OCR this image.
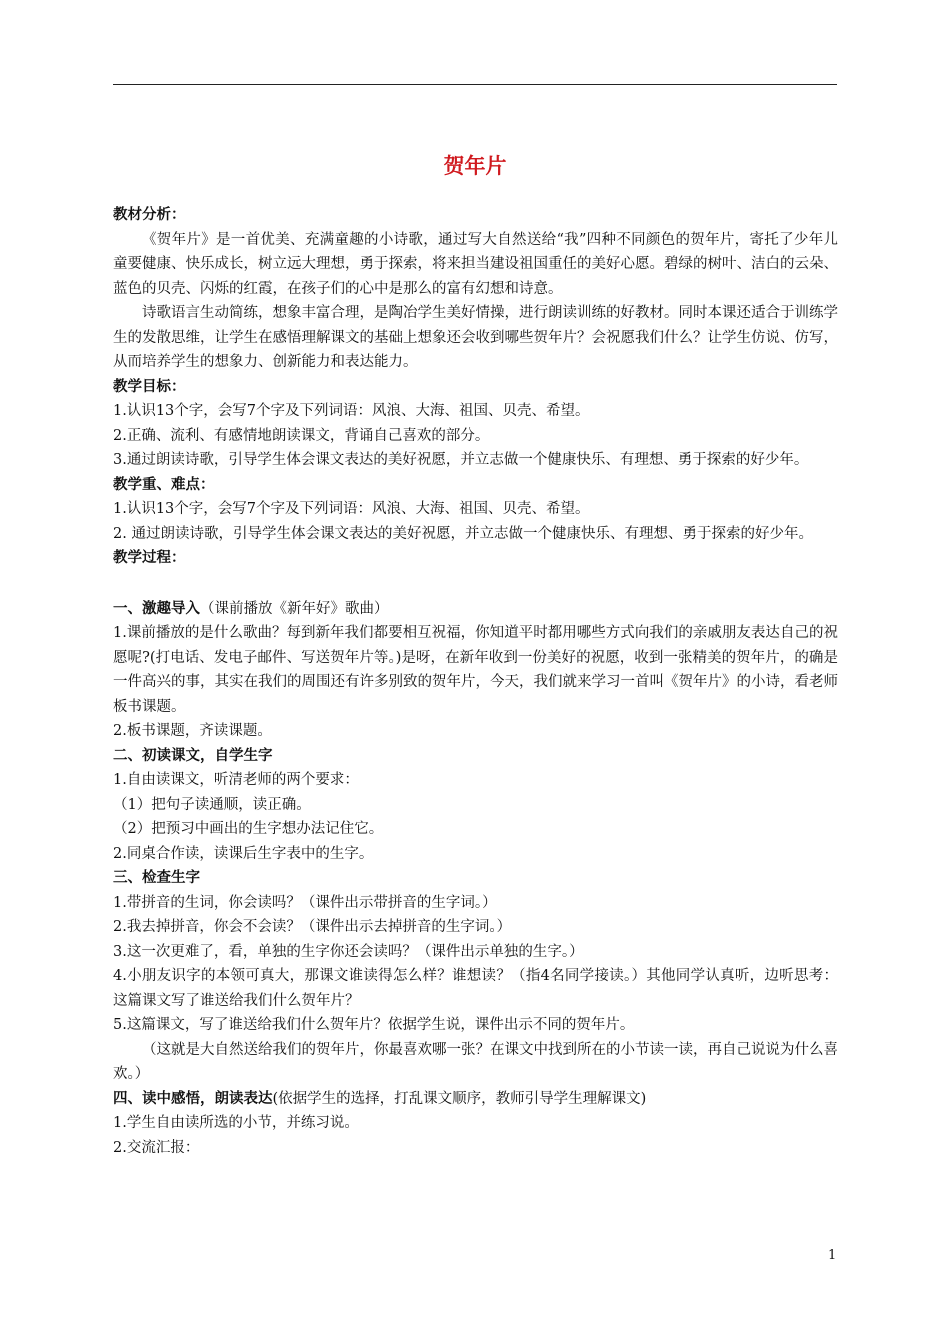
贺年片

教材分析：

《贺年片》是一首优美、充满童趣的小诗歌，通过写大自然送给“我”四种不同颜色的贺年片，寄托了少年儿童要健康、快乐成长，树立远大理想，勇于探索，将来担当建设祖国重任的美好心愿。碧绿的树叶、洁白的云朵、蓝色的贝壳、闪烁的红霞，在孩子们的心中是那么的富有幻想和诗意。

诗歌语言生动简练，想象丰富合理，是陶冶学生美好情操，进行朗读训练的好教材。同时本课还适合于训练学生的发散思维，让学生在感悟理解课文的基础上想象还会收到哪些贺年片？会祝愿我们什么？让学生仿说、仿写，从而培养学生的想象力、创新能力和表达能力。

教学目标：

1.认识13个字，会写7个字及下列词语：风浪、大海、祖国、贝壳、希望。

2.正确、流利、有感情地朗读课文，背诵自己喜欢的部分。

3.通过朗读诗歌，引导学生体会课文表达的美好祝愿，并立志做一个健康快乐、有理想、勇于探索的好少年。

教学重、难点：

1.认识13个字，会写7个字及下列词语：风浪、大海、祖国、贝壳、希望。

2. 通过朗读诗歌，引导学生体会课文表达的美好祝愿，并立志做一个健康快乐、有理想、勇于探索的好少年。

教学过程：

一、激趣导入（课前播放《新年好》歌曲）

1.课前播放的是什么歌曲？每到新年我们都要相互祝福，你知道平时都用哪些方式向我们的亲戚朋友表达自己的祝愿呢?(打电话、发电子邮件、写送贺年片等。)是呀，在新年收到一份美好的祝愿，收到一张精美的贺年片，的确是一件高兴的事，其实在我们的周围还有许多别致的贺年片，今天，我们就来学习一首叫《贺年片》的小诗，看老师板书课题。

2.板书课题，齐读课题。

二、初读课文，自学生字

1.自由读课文，听清老师的两个要求：

（1）把句子读通顺，读正确。

（2）把预习中画出的生字想办法记住它。

2.同桌合作读，读课后生字表中的生字。

三、检查生字

1.带拼音的生词，你会读吗？（课件出示带拼音的生字词。）

2.我去掉拼音，你会不会读？（课件出示去掉拼音的生字词。）

3.这一次更难了，看，单独的生字你还会读吗？（课件出示单独的生字。）

4.小朋友识字的本领可真大，那课文谁读得怎么样？谁想读？（指4名同学接读。）其他同学认真听，边听思考：这篇课文写了谁送给我们什么贺年片？

5.这篇课文，写了谁送给我们什么贺年片？依据学生说，课件出示不同的贺年片。

（这就是大自然送给我们的贺年片，你最喜欢哪一张？在课文中找到所在的小节读一读，再自己说说为什么喜欢。）

四、读中感悟，朗读表达(依据学生的选择，打乱课文顺序，教师引导学生理解课文)

1.学生自由读所选的小节，并练习说。

2.交流汇报：

1
